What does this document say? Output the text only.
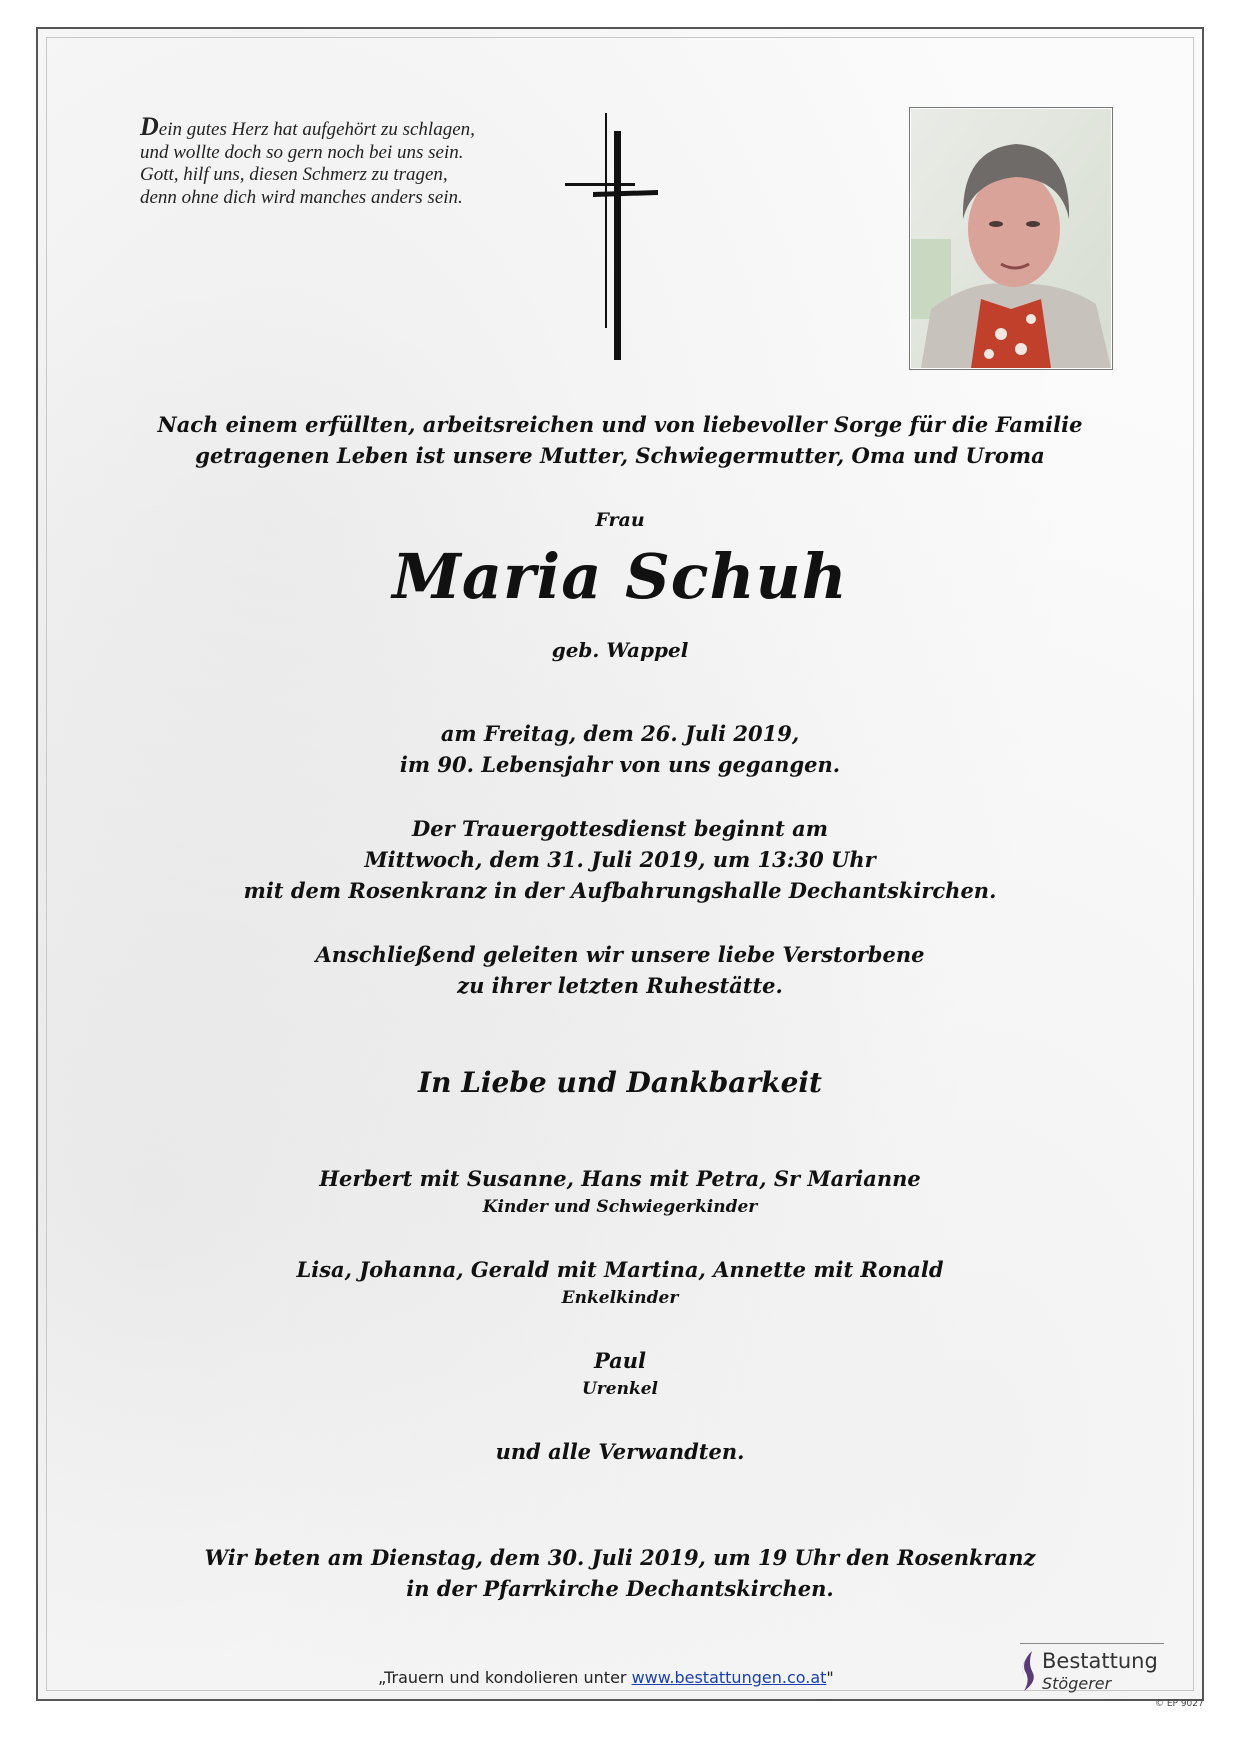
Dein gutes Herz hat aufgehört zu schlagen,
und wollte doch so gern noch bei uns sein.
Gott, hilf uns, diesen Schmerz zu tragen,
denn ohne dich wird manches anders sein.
Nach einem erfüllten, arbeitsreichen und von liebevoller Sorge für die Familie
getragenen Leben ist unsere Mutter, Schwiegermutter, Oma und Uroma
Frau
Maria Schuh
geb. Wappel
am Freitag, dem 26. Juli 2019,
im 90. Lebensjahr von uns gegangen.
Der Trauergottesdienst beginnt am
Mittwoch, dem 31. Juli 2019, um 13:30 Uhr
mit dem Rosenkranz in der Aufbahrungshalle Dechantskirchen.
Anschließend geleiten wir unsere liebe Verstorbene
zu ihrer letzten Ruhestätte.
In Liebe und Dankbarkeit
Herbert mit Susanne, Hans mit Petra, Sr Marianne
Kinder und Schwiegerkinder
Lisa, Johanna, Gerald mit Martina, Annette mit Ronald
Enkelkinder
Paul
Urenkel
und alle Verwandten.
Wir beten am Dienstag, dem 30. Juli 2019, um 19 Uhr den Rosenkranz
in der Pfarrkirche Dechantskirchen.
„Trauern und kondolieren unter www.bestattungen.co.at"
Bestattung
Stögerer
© EP 9027
